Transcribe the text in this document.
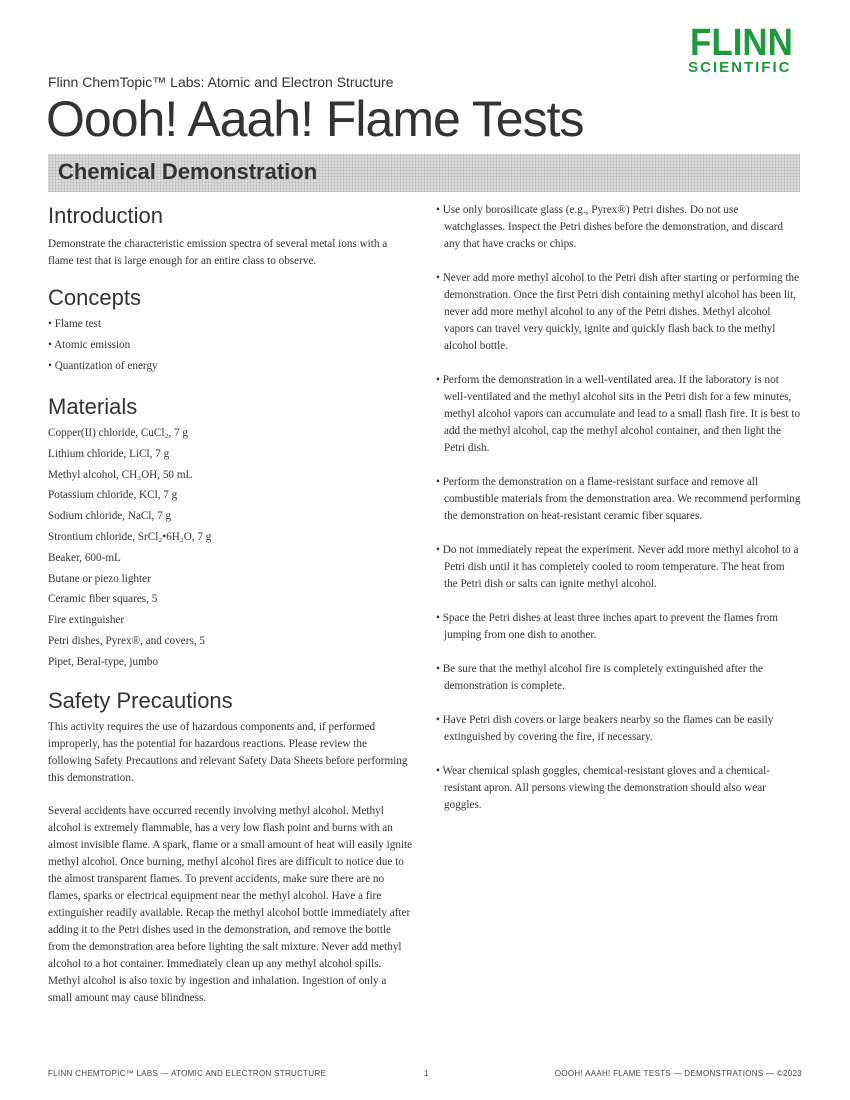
FLINN
SCIENTIFIC
Flinn ChemTopic™ Labs: Atomic and Electron Structure
Oooh! Aaah! Flame Tests
Chemical Demonstration
Introduction

Demonstrate the characteristic emission spectra of several metal ions with a flame test that is large enough for an entire class to observe.

Concepts
• Flame test
• Atomic emission
• Quantization of energy
Materials
Copper(II) chloride, CuCl₂, 7 g
Lithium chloride, LiCl, 7 g
Methyl alcohol, CH₃OH, 50 mL
Potassium chloride, KCl, 7 g
Sodium chloride, NaCl, 7 g
Strontium chloride, SrCl₂•6H₂O, 7 g
Beaker, 600-mL
Butane or piezo lighter
Ceramic fiber squares, 5
Fire extinguisher
Petri dishes, Pyrex®, and covers, 5
Pipet, Beral-type, jumbo
Safety Precautions

This activity requires the use of hazardous components and, if performed improperly, has the potential for hazardous reactions. Please review the following Safety Precautions and relevant Safety Data Sheets before performing this demonstration.

Several accidents have occurred recently involving methyl alcohol. Methyl alcohol is extremely flammable, has a very low flash point and burns with an almost invisible flame. A spark, flame or a small amount of heat will easily ignite methyl alcohol. Once burning, methyl alcohol fires are difficult to notice due to the almost transparent flames. To prevent accidents, make sure there are no flames, sparks or electrical equipment near the methyl alcohol. Have a fire extinguisher readily available. Recap the methyl alcohol bottle immediately after adding it to the Petri dishes used in the demonstration, and remove the bottle from the demonstration area before lighting the salt mixture. Never add methyl alcohol to a hot container. Immediately clean up any methyl alcohol spills. Methyl alcohol is also toxic by ingestion and inhalation. Ingestion of only a small amount may cause blindness.

• Use only borosilicate glass (e.g., Pyrex®) Petri dishes. Do not use watchglasses. Inspect the Petri dishes before the demonstration, and discard any that have cracks or chips.
• Never add more methyl alcohol to the Petri dish after starting or performing the demonstration. Once the first Petri dish containing methyl alcohol has been lit, never add more methyl alcohol to any of the Petri dishes. Methyl alcohol vapors can travel very quickly, ignite and quickly flash back to the methyl alcohol bottle.
• Perform the demonstration in a well-ventilated area. If the laboratory is not well-ventilated and the methyl alcohol sits in the Petri dish for a few minutes, methyl alcohol vapors can accumulate and lead to a small flash fire. It is best to add the methyl alcohol, cap the methyl alcohol container, and then light the Petri dish.
• Perform the demonstration on a flame-resistant surface and remove all combustible materials from the demonstration area. We recommend performing the demonstration on heat-resistant ceramic fiber squares.
• Do not immediately repeat the experiment. Never add more methyl alcohol to a Petri dish until it has completely cooled to room temperature. The heat from the Petri dish or salts can ignite methyl alcohol.
• Space the Petri dishes at least three inches apart to prevent the flames from jumping from one dish to another.
• Be sure that the methyl alcohol fire is completely extinguished after the demonstration is complete.
• Have Petri dish covers or large beakers nearby so the flames can be easily extinguished by covering the fire, if necessary.
• Wear chemical splash goggles, chemical-resistant gloves and a chemical-resistant apron. All persons viewing the demonstration should also wear goggles.
FLINN CHEMTOPIC™ LABS — ATOMIC AND ELECTRON STRUCTURE	1	OOOH! AAAH! FLAME TESTS — DEMONSTRATIONS — ©2023
